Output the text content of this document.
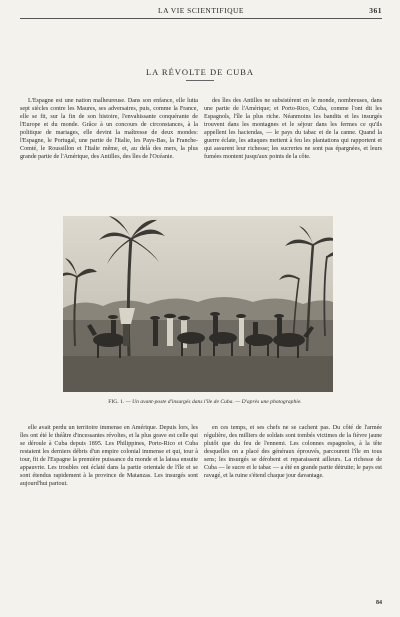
LA VIE SCIENTIFIQUE	361
LA RÉVOLTE DE CUBA

L'Espagne est une nation malheureuse. Dans son enfance, elle lutta sept siècles contre les Maures, ses adversaires, puis, comme la France, elle se fit, sur la fin de son histoire, l'envahissante conquérante de l'Europe et du monde. Grâce à un concours de circonstances, à la politique de mariages, elle devint la maîtresse de deux mondes: l'Espagne, le Portugal, une partie de l'Italie, les Pays-Bas, la Franche-Comté, le Roussillon et l'Italie même, et, au delà des mers, la plus grande partie de l'Amérique, des Antilles, des îles de l'Océanie.

des îles des Antilles ne subsistèrent en le monde, nombreuses, dans une partie de l'Amérique; et Porto-Rico, Cuba, comme l'ont dit les Espagnols, l'île la plus riche. Néanmoins les bandits et les insurgés trouvent dans les montagnes et le séjour dans les fermes ce qu'ils appellent les haciendas, — le pays du tabac et de la canne. Quand la guerre éclate, les attaques mettent à feu les plantations qui rapportent et qui assurent leur richesse; les sucreries ne sont pas épargnées, et leurs fumées montent jusqu'aux points de la côte.

FIG. 1. — Un avant-poste d'insurgés dans l'île de Cuba. — D'après une photographie.

elle avait perdu un territoire immense en Amérique. Depuis lors, les îles ont été le théâtre d'incessantes révoltes, et la plus grave est celle qui se déroule à Cuba depuis 1895. Les Philippines, Porto-Rico et Cuba restaient les derniers débris d'un empire colonial immense et qui, tour à tour, fit de l'Espagne la première puissance du monde et la laissa ensuite appauvrie. Les troubles ont éclaté dans la partie orientale de l'île et se sont étendus rapidement à la province de Matanzas. Les insurgés sont aujourd'hui partout.

en ces temps, et ses chefs ne se cachent pas. Du côté de l'armée régulière, des milliers de soldats sont tombés victimes de la fièvre jaune plutôt que du feu de l'ennemi. Les colonnes espagnoles, à la tête desquelles on a placé des généraux éprouvés, parcourent l'île en tous sens; les insurgés se dérobent et reparaissent ailleurs. La richesse de Cuba — le sucre et le tabac — a été en grande partie détruite; le pays est ravagé, et la ruine s'étend chaque jour davantage.

84
